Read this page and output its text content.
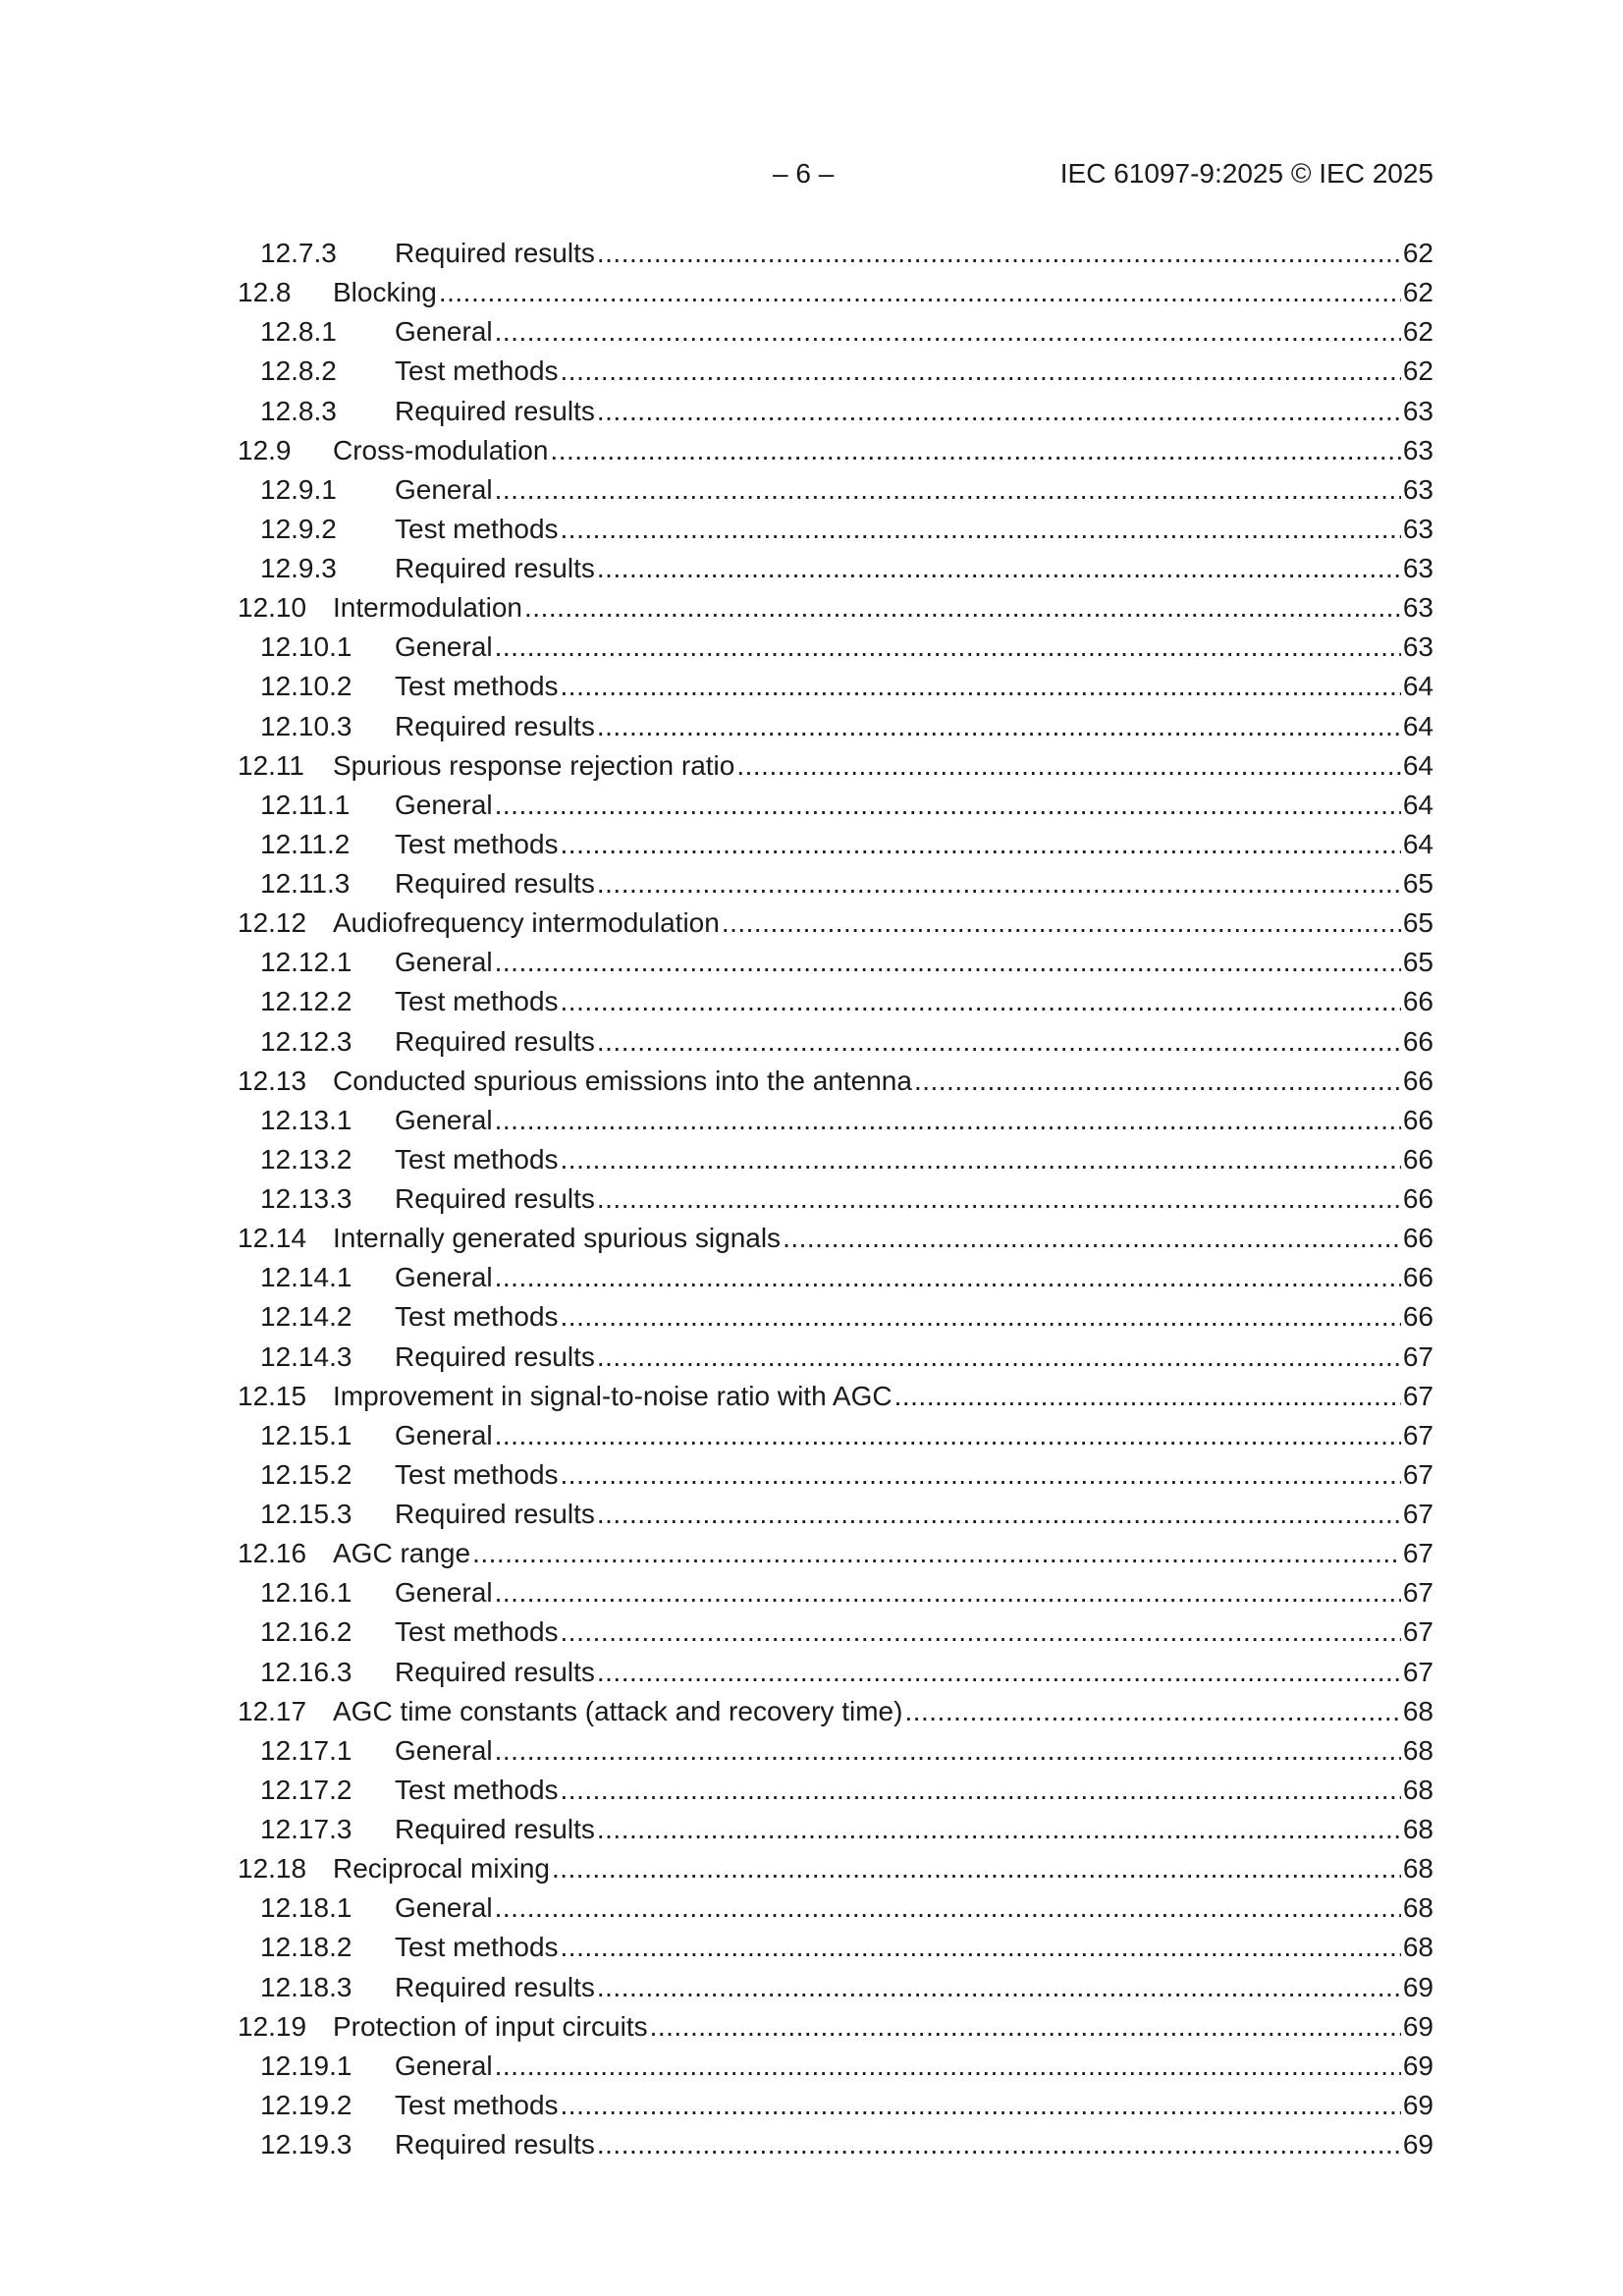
– 6 –	IEC 61097-9:2025 © IEC 2025
12.7.3	Required results .....	62
12.8	Blocking .....	62
12.8.1	General .....	62
12.8.2	Test methods .....	62
12.8.3	Required results .....	63
12.9	Cross-modulation .....	63
12.9.1	General .....	63
12.9.2	Test methods .....	63
12.9.3	Required results .....	63
12.10 Intermodulation .....	63
12.10.1	General .....	63
12.10.2	Test methods .....	64
12.10.3	Required results .....	64
12.11	Spurious response rejection ratio .....	64
12.11.1	General .....	64
12.11.2	Test methods .....	64
12.11.3	Required results .....	65
12.12 Audiofrequency intermodulation .....	65
12.12.1	General .....	65
12.12.2	Test methods .....	66
12.12.3	Required results .....	66
12.13 Conducted spurious emissions into the antenna .....	66
12.13.1	General .....	66
12.13.2	Test methods .....	66
12.13.3	Required results .....	66
12.14 Internally generated spurious signals .....	66
12.14.1	General .....	66
12.14.2	Test methods .....	66
12.14.3	Required results .....	67
12.15 Improvement in signal-to-noise ratio with AGC .....	67
12.15.1	General .....	67
12.15.2	Test methods .....	67
12.15.3	Required results .....	67
12.16 AGC range .....	67
12.16.1	General .....	67
12.16.2	Test methods .....	67
12.16.3	Required results .....	67
12.17 AGC time constants (attack and recovery time) .....	68
12.17.1	General .....	68
12.17.2	Test methods .....	68
12.17.3	Required results .....	68
12.18 Reciprocal mixing .....	68
12.18.1	General .....	68
12.18.2	Test methods .....	68
12.18.3	Required results .....	69
12.19 Protection of input circuits .....	69
12.19.1	General .....	69
12.19.2	Test methods .....	69
12.19.3	Required results .....	69
